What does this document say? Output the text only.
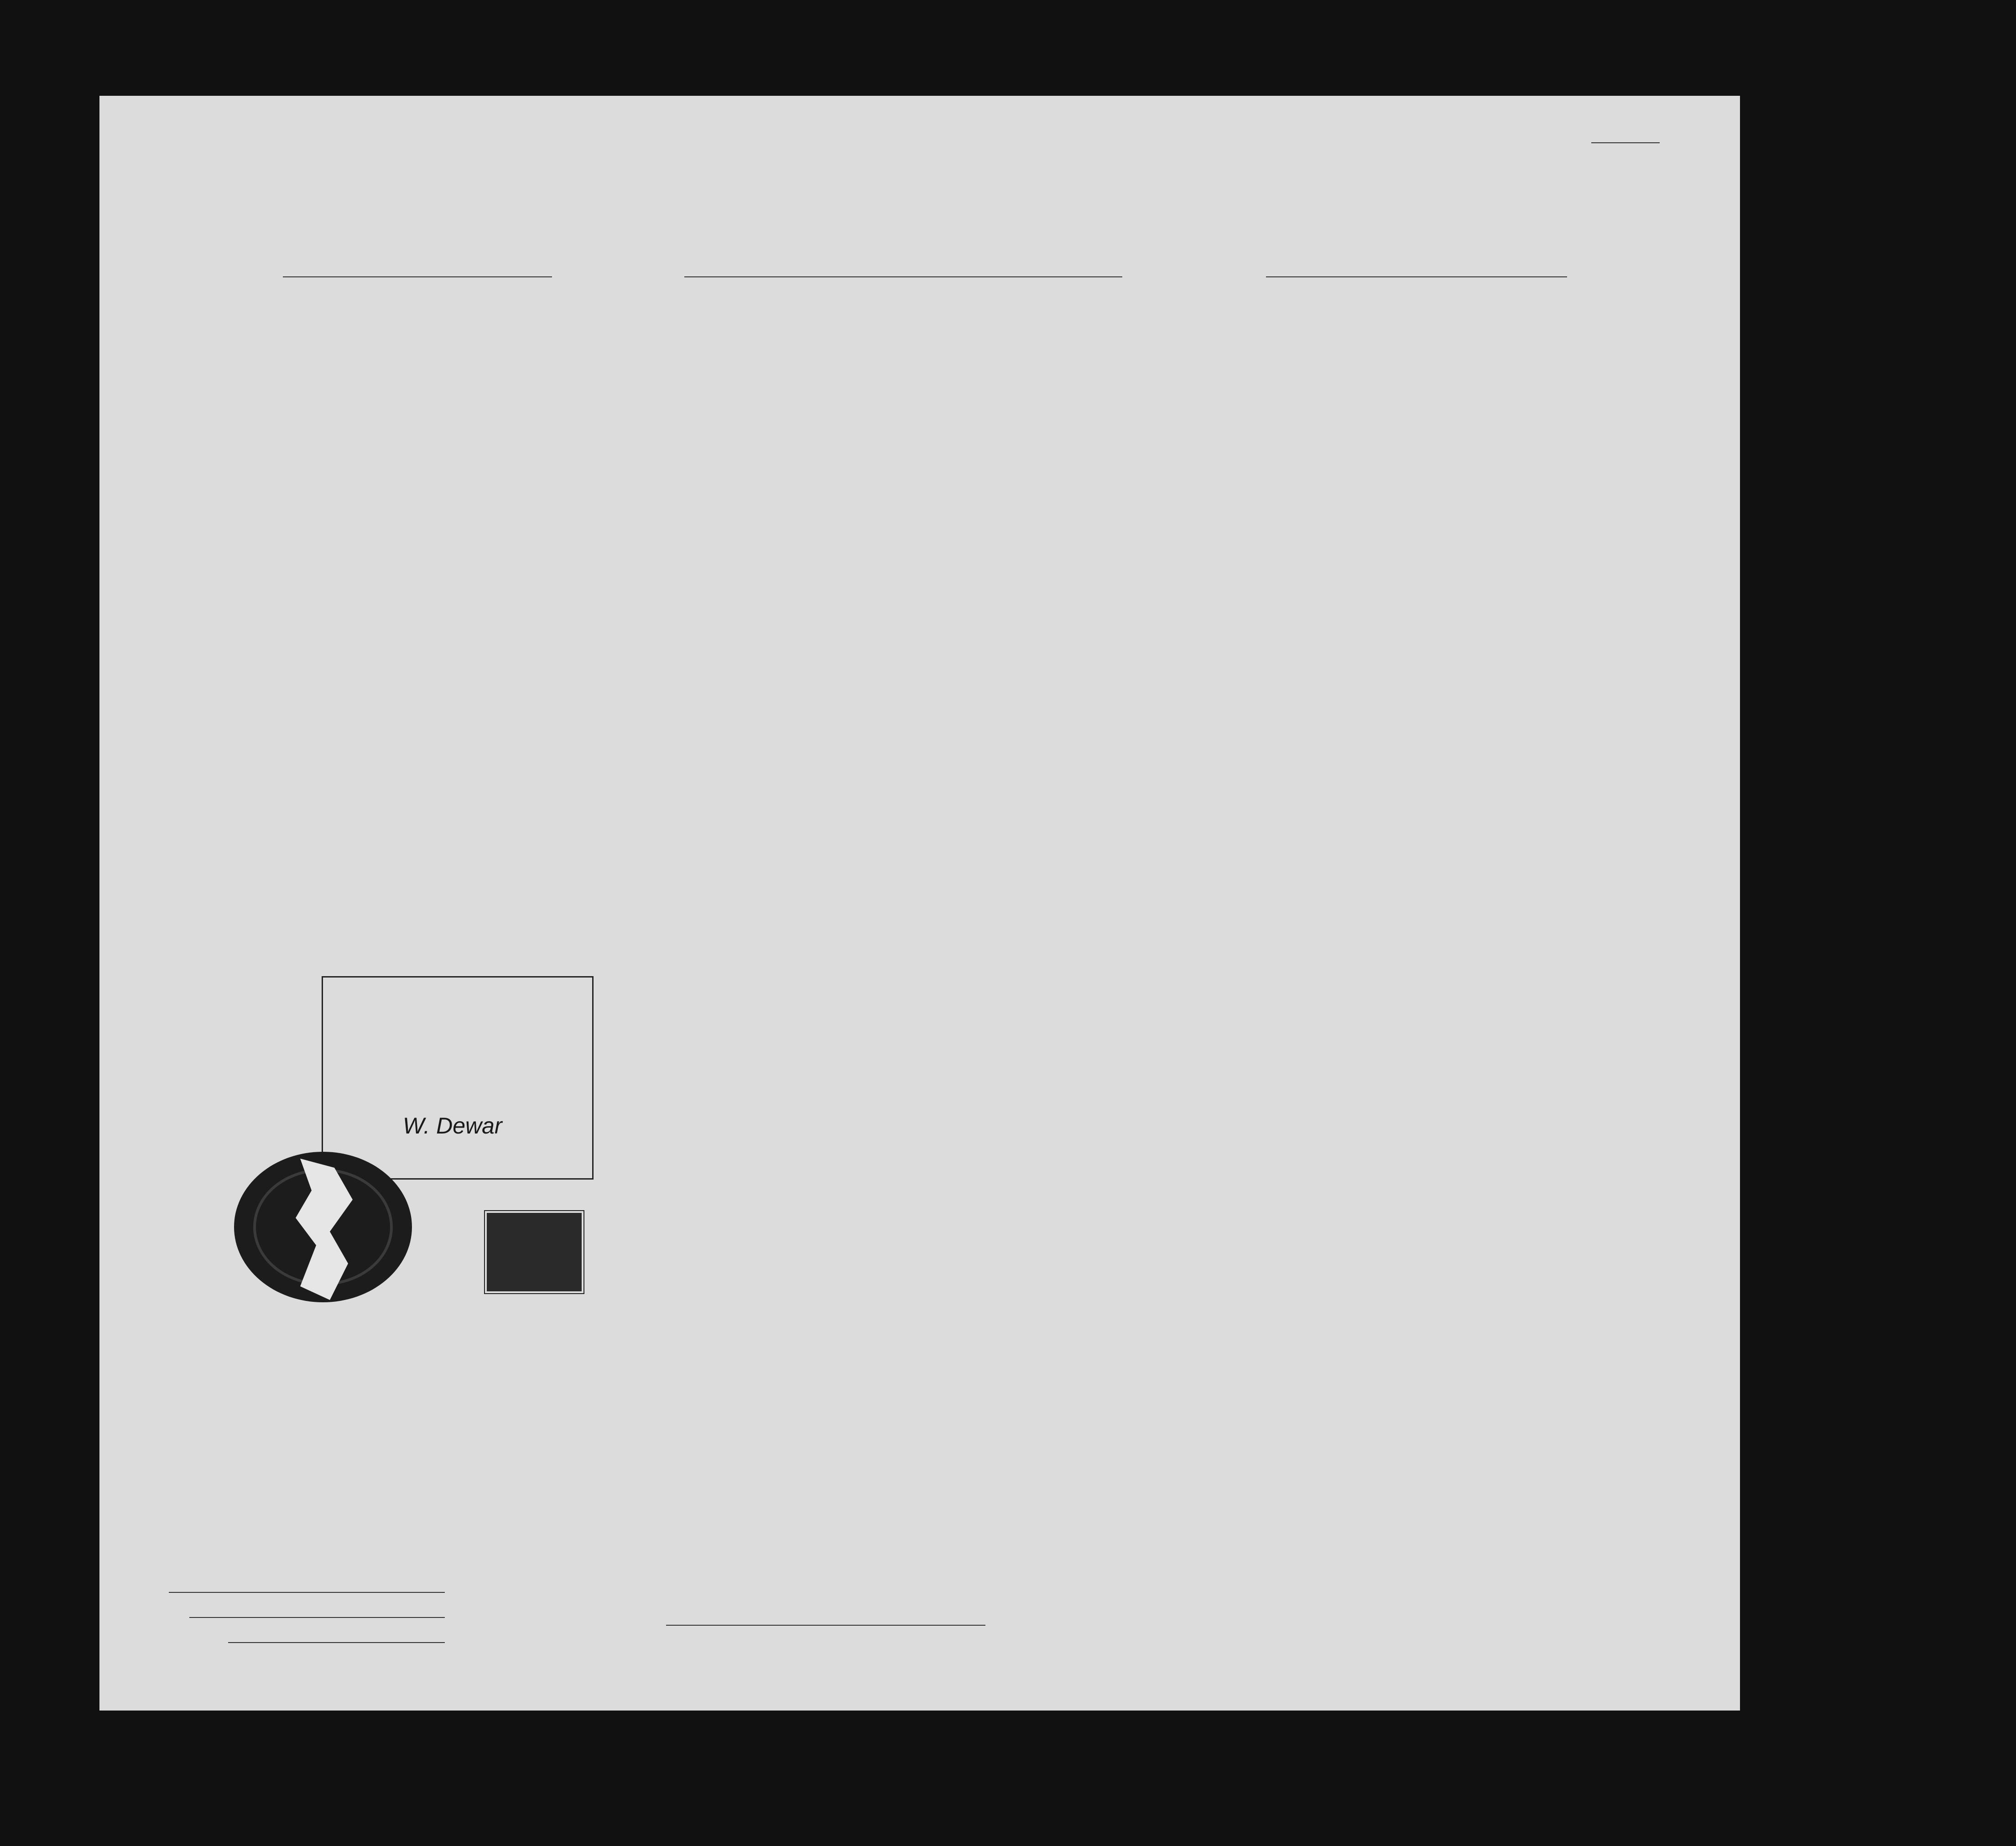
W. Dewar
